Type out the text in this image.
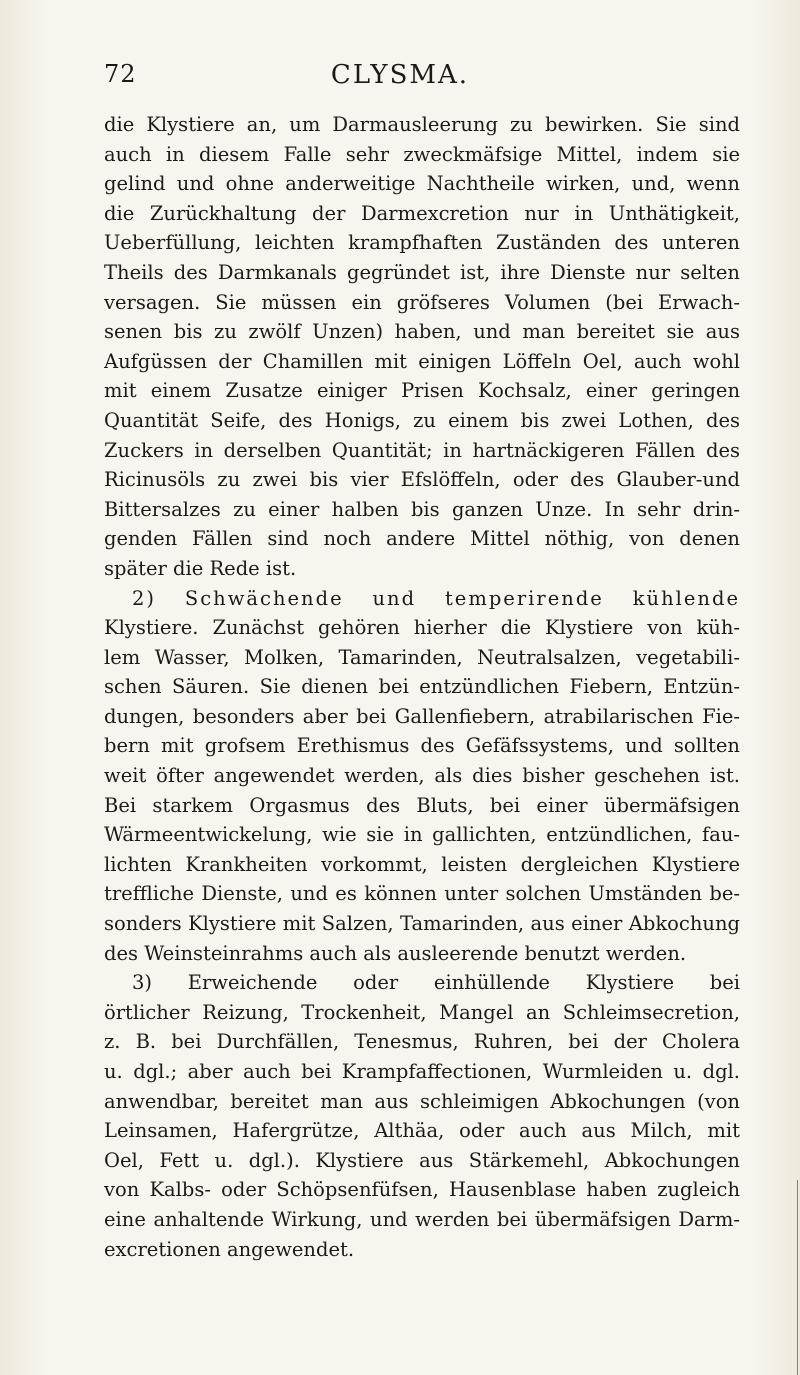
72	CLYSMA.
die Klystiere an, um Darmausleerung zu bewirken. Sie sind
auch in diesem Falle sehr zweckmäfsige Mittel, indem sie
gelind und ohne anderweitige Nachtheile wirken, und, wenn
die Zurückhaltung der Darmexcretion nur in Unthätigkeit,
Ueberfüllung, leichten krampfhaften Zuständen des unteren
Theils des Darmkanals gegründet ist, ihre Dienste nur selten
versagen. Sie müssen ein gröfseres Volumen (bei Erwach-
senen bis zu zwölf Unzen) haben, und man bereitet sie aus
Aufgüssen der Chamillen mit einigen Löffeln Oel, auch wohl
mit einem Zusatze einiger Prisen Kochsalz, einer geringen
Quantität Seife, des Honigs, zu einem bis zwei Lothen, des
Zuckers in derselben Quantität; in hartnäckigeren Fällen des
Ricinusöls zu zwei bis vier Efslöffeln, oder des Glauber-und
Bittersalzes zu einer halben bis ganzen Unze. In sehr drin-
genden Fällen sind noch andere Mittel nöthig, von denen
später die Rede ist.
2) Schwächende und temperirende kühlende
Klystiere. Zunächst gehören hierher die Klystiere von küh-
lem Wasser, Molken, Tamarinden, Neutralsalzen, vegetabili-
schen Säuren. Sie dienen bei entzündlichen Fiebern, Entzün-
dungen, besonders aber bei Gallenfiebern, atrabilarischen Fie-
bern mit grofsem Erethismus des Gefäfssystems, und sollten
weit öfter angewendet werden, als dies bisher geschehen ist.
Bei starkem Orgasmus des Bluts, bei einer übermäfsigen
Wärmeentwickelung, wie sie in gallichten, entzündlichen, fau-
lichten Krankheiten vorkommt, leisten dergleichen Klystiere
treffliche Dienste, und es können unter solchen Umständen be-
sonders Klystiere mit Salzen, Tamarinden, aus einer Abkochung
des Weinsteinrahms auch als ausleerende benutzt werden.
3) Erweichende oder einhüllende Klystiere bei
örtlicher Reizung, Trockenheit, Mangel an Schleimsecretion,
z. B. bei Durchfällen, Tenesmus, Ruhren, bei der Cholera
u. dgl.; aber auch bei Krampfaffectionen, Wurmleiden u. dgl.
anwendbar, bereitet man aus schleimigen Abkochungen (von
Leinsamen, Hafergrütze, Althäa, oder auch aus Milch, mit
Oel, Fett u. dgl.). Klystiere aus Stärkemehl, Abkochungen
von Kalbs- oder Schöpsenfüfsen, Hausenblase haben zugleich
eine anhaltende Wirkung, und werden bei übermäfsigen Darm-
excretionen angewendet.
